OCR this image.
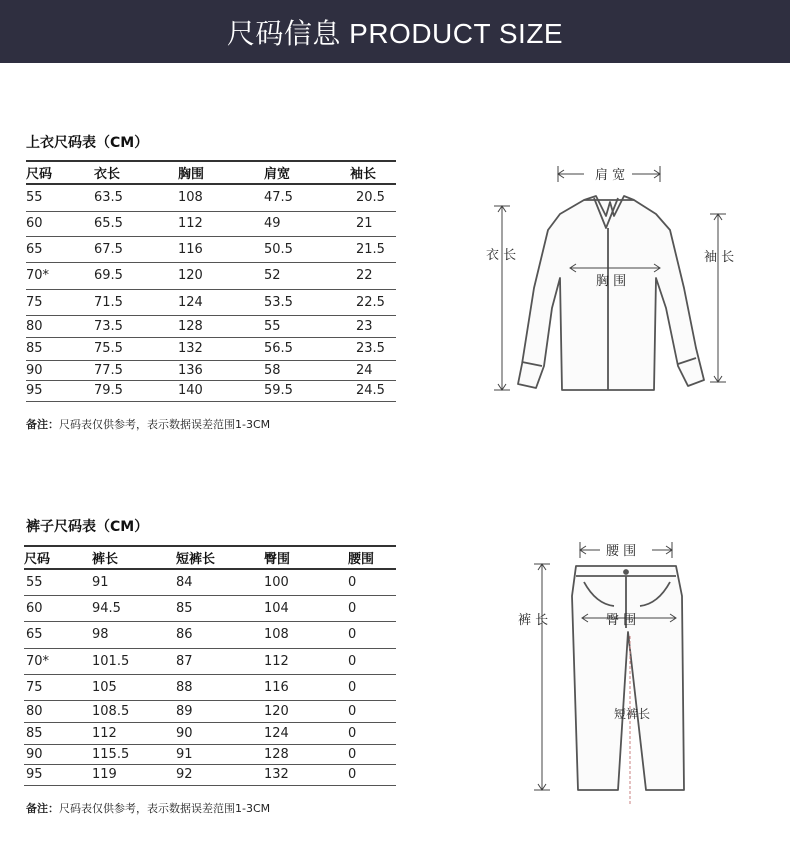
尺码信息 PRODUCT SIZE
上衣尺码表（CM）
尺码	衣长	胸围	肩宽	袖长
55	63.5	108	47.5	20.5
60	65.5	112	49	21
65	67.5	116	50.5	21.5
70*	69.5	120	52	22
75	71.5	124	53.5	22.5
80	73.5	128	55	23
85	75.5	132	56.5	23.5
90	77.5	136	58	24
95	79.5	140	59.5	24.5
备注：尺码表仅供参考，表示数据误差范围1-3CM
肩 宽
衣 长	袖 长
胸 围
裤子尺码表（CM）
尺码	裤长	短裤长	臀围	腰围
55	91	84	100	0
60	94.5	85	104	0
65	98	86	108	0
70*	101.5	87	112	0
75	105	88	116	0
80	108.5	89	120	0
85	112	90	124	0
90	115.5	91	128	0
95	119	92	132	0
备注：尺码表仅供参考，表示数据误差范围1-3CM
腰 围
裤 长	臀 围
短裤长
